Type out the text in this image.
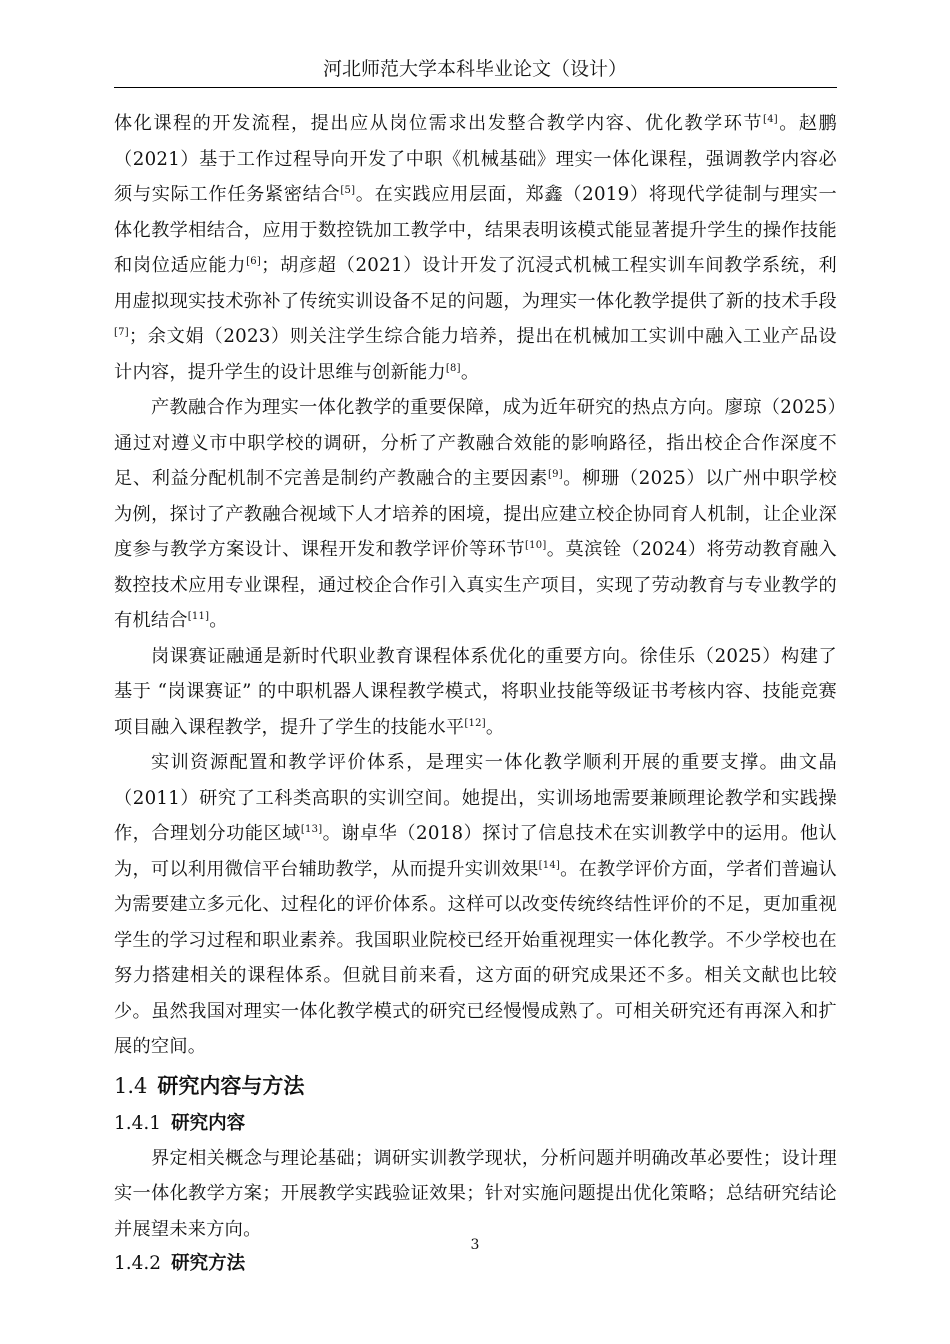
河北师范大学本科毕业论文（设计）

体化课程的开发流程，提出应从岗位需求出发整合教学内容、优化教学环节[4]。赵鹏（2021）基于工作过程导向开发了中职《机械基础》理实一体化课程，强调教学内容必须与实际工作任务紧密结合[5]。在实践应用层面，郑鑫（2019）将现代学徒制与理实一体化教学相结合，应用于数控铣加工教学中，结果表明该模式能显著提升学生的操作技能和岗位适应能力[6]；胡彦超（2021）设计开发了沉浸式机械工程实训车间教学系统，利用虚拟现实技术弥补了传统实训设备不足的问题，为理实一体化教学提供了新的技术手段[7]；余文娟（2023）则关注学生综合能力培养，提出在机械加工实训中融入工业产品设计内容，提升学生的设计思维与创新能力[8]。

产教融合作为理实一体化教学的重要保障，成为近年研究的热点方向。廖琼（2025）通过对遵义市中职学校的调研，分析了产教融合效能的影响路径，指出校企合作深度不足、利益分配机制不完善是制约产教融合的主要因素[9]。柳珊（2025）以广州中职学校为例，探讨了产教融合视域下人才培养的困境，提出应建立校企协同育人机制，让企业深度参与教学方案设计、课程开发和教学评价等环节[10]。莫滨铨（2024）将劳动教育融入数控技术应用专业课程，通过校企合作引入真实生产项目，实现了劳动教育与专业教学的有机结合[11]。

岗课赛证融通是新时代职业教育课程体系优化的重要方向。徐佳乐（2025）构建了基于 “岗课赛证” 的中职机器人课程教学模式，将职业技能等级证书考核内容、技能竞赛项目融入课程教学，提升了学生的技能水平[12]。

实训资源配置和教学评价体系，是理实一体化教学顺利开展的重要支撑。曲文晶（2011）研究了工科类高职的实训空间。她提出，实训场地需要兼顾理论教学和实践操作，合理划分功能区域[13]。谢卓华（2018）探讨了信息技术在实训教学中的运用。他认为，可以利用微信平台辅助教学，从而提升实训效果[14]。在教学评价方面，学者们普遍认为需要建立多元化、过程化的评价体系。这样可以改变传统终结性评价的不足，更加重视学生的学习过程和职业素养。我国职业院校已经开始重视理实一体化教学。不少学校也在努力搭建相关的课程体系。但就目前来看，这方面的研究成果还不多。相关文献也比较少。虽然我国对理实一体化教学模式的研究已经慢慢成熟了。可相关研究还有再深入和扩展的空间。

1.4 研究内容与方法
1.4.1 研究内容

界定相关概念与理论基础；调研实训教学现状，分析问题并明确改革必要性；设计理实一体化教学方案；开展教学实践验证效果；针对实施问题提出优化策略；总结研究结论并展望未来方向。

1.4.2 研究方法
3
